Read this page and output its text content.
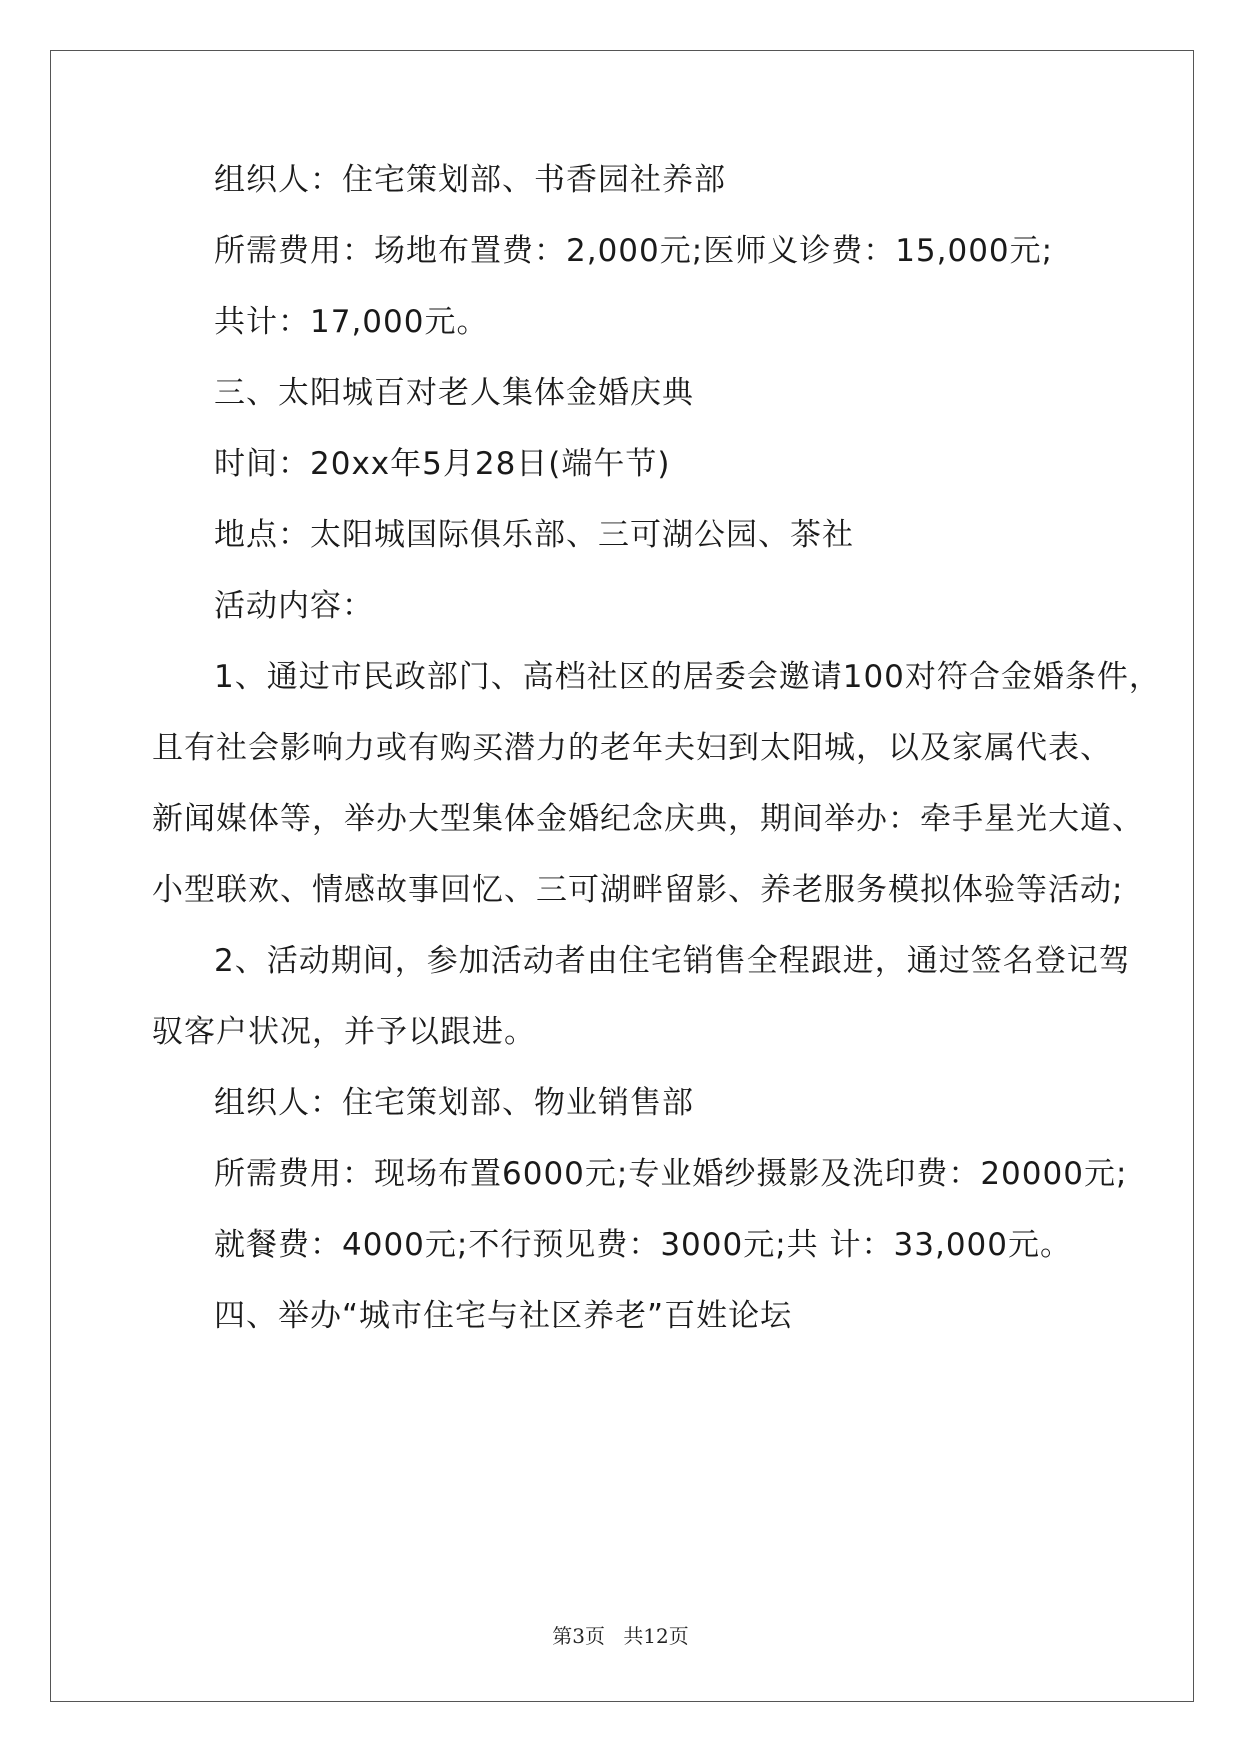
组织人：住宅策划部、书香园社养部

所需费用：场地布置费：2,000元;医师义诊费：15,000元;

共计：17,000元。

三、太阳城百对老人集体金婚庆典

时间：20xx年5月28日(端午节)

地点：太阳城国际俱乐部、三可湖公园、茶社

活动内容：

1、通过市民政部门、高档社区的居委会邀请100对符合金婚条件，

且有社会影响力或有购买潜力的老年夫妇到太阳城，以及家属代表、

新闻媒体等，举办大型集体金婚纪念庆典，期间举办：牵手星光大道、

小型联欢、情感故事回忆、三可湖畔留影、养老服务模拟体验等活动;

2、活动期间，参加活动者由住宅销售全程跟进，通过签名登记驾

驭客户状况，并予以跟进。

组织人：住宅策划部、物业销售部

所需费用：现场布置6000元;专业婚纱摄影及洗印费：20000元;

就餐费：4000元;不行预见费：3000元;共 计：33,000元。

四、举办“城市住宅与社区养老”百姓论坛

第3页 共12页
